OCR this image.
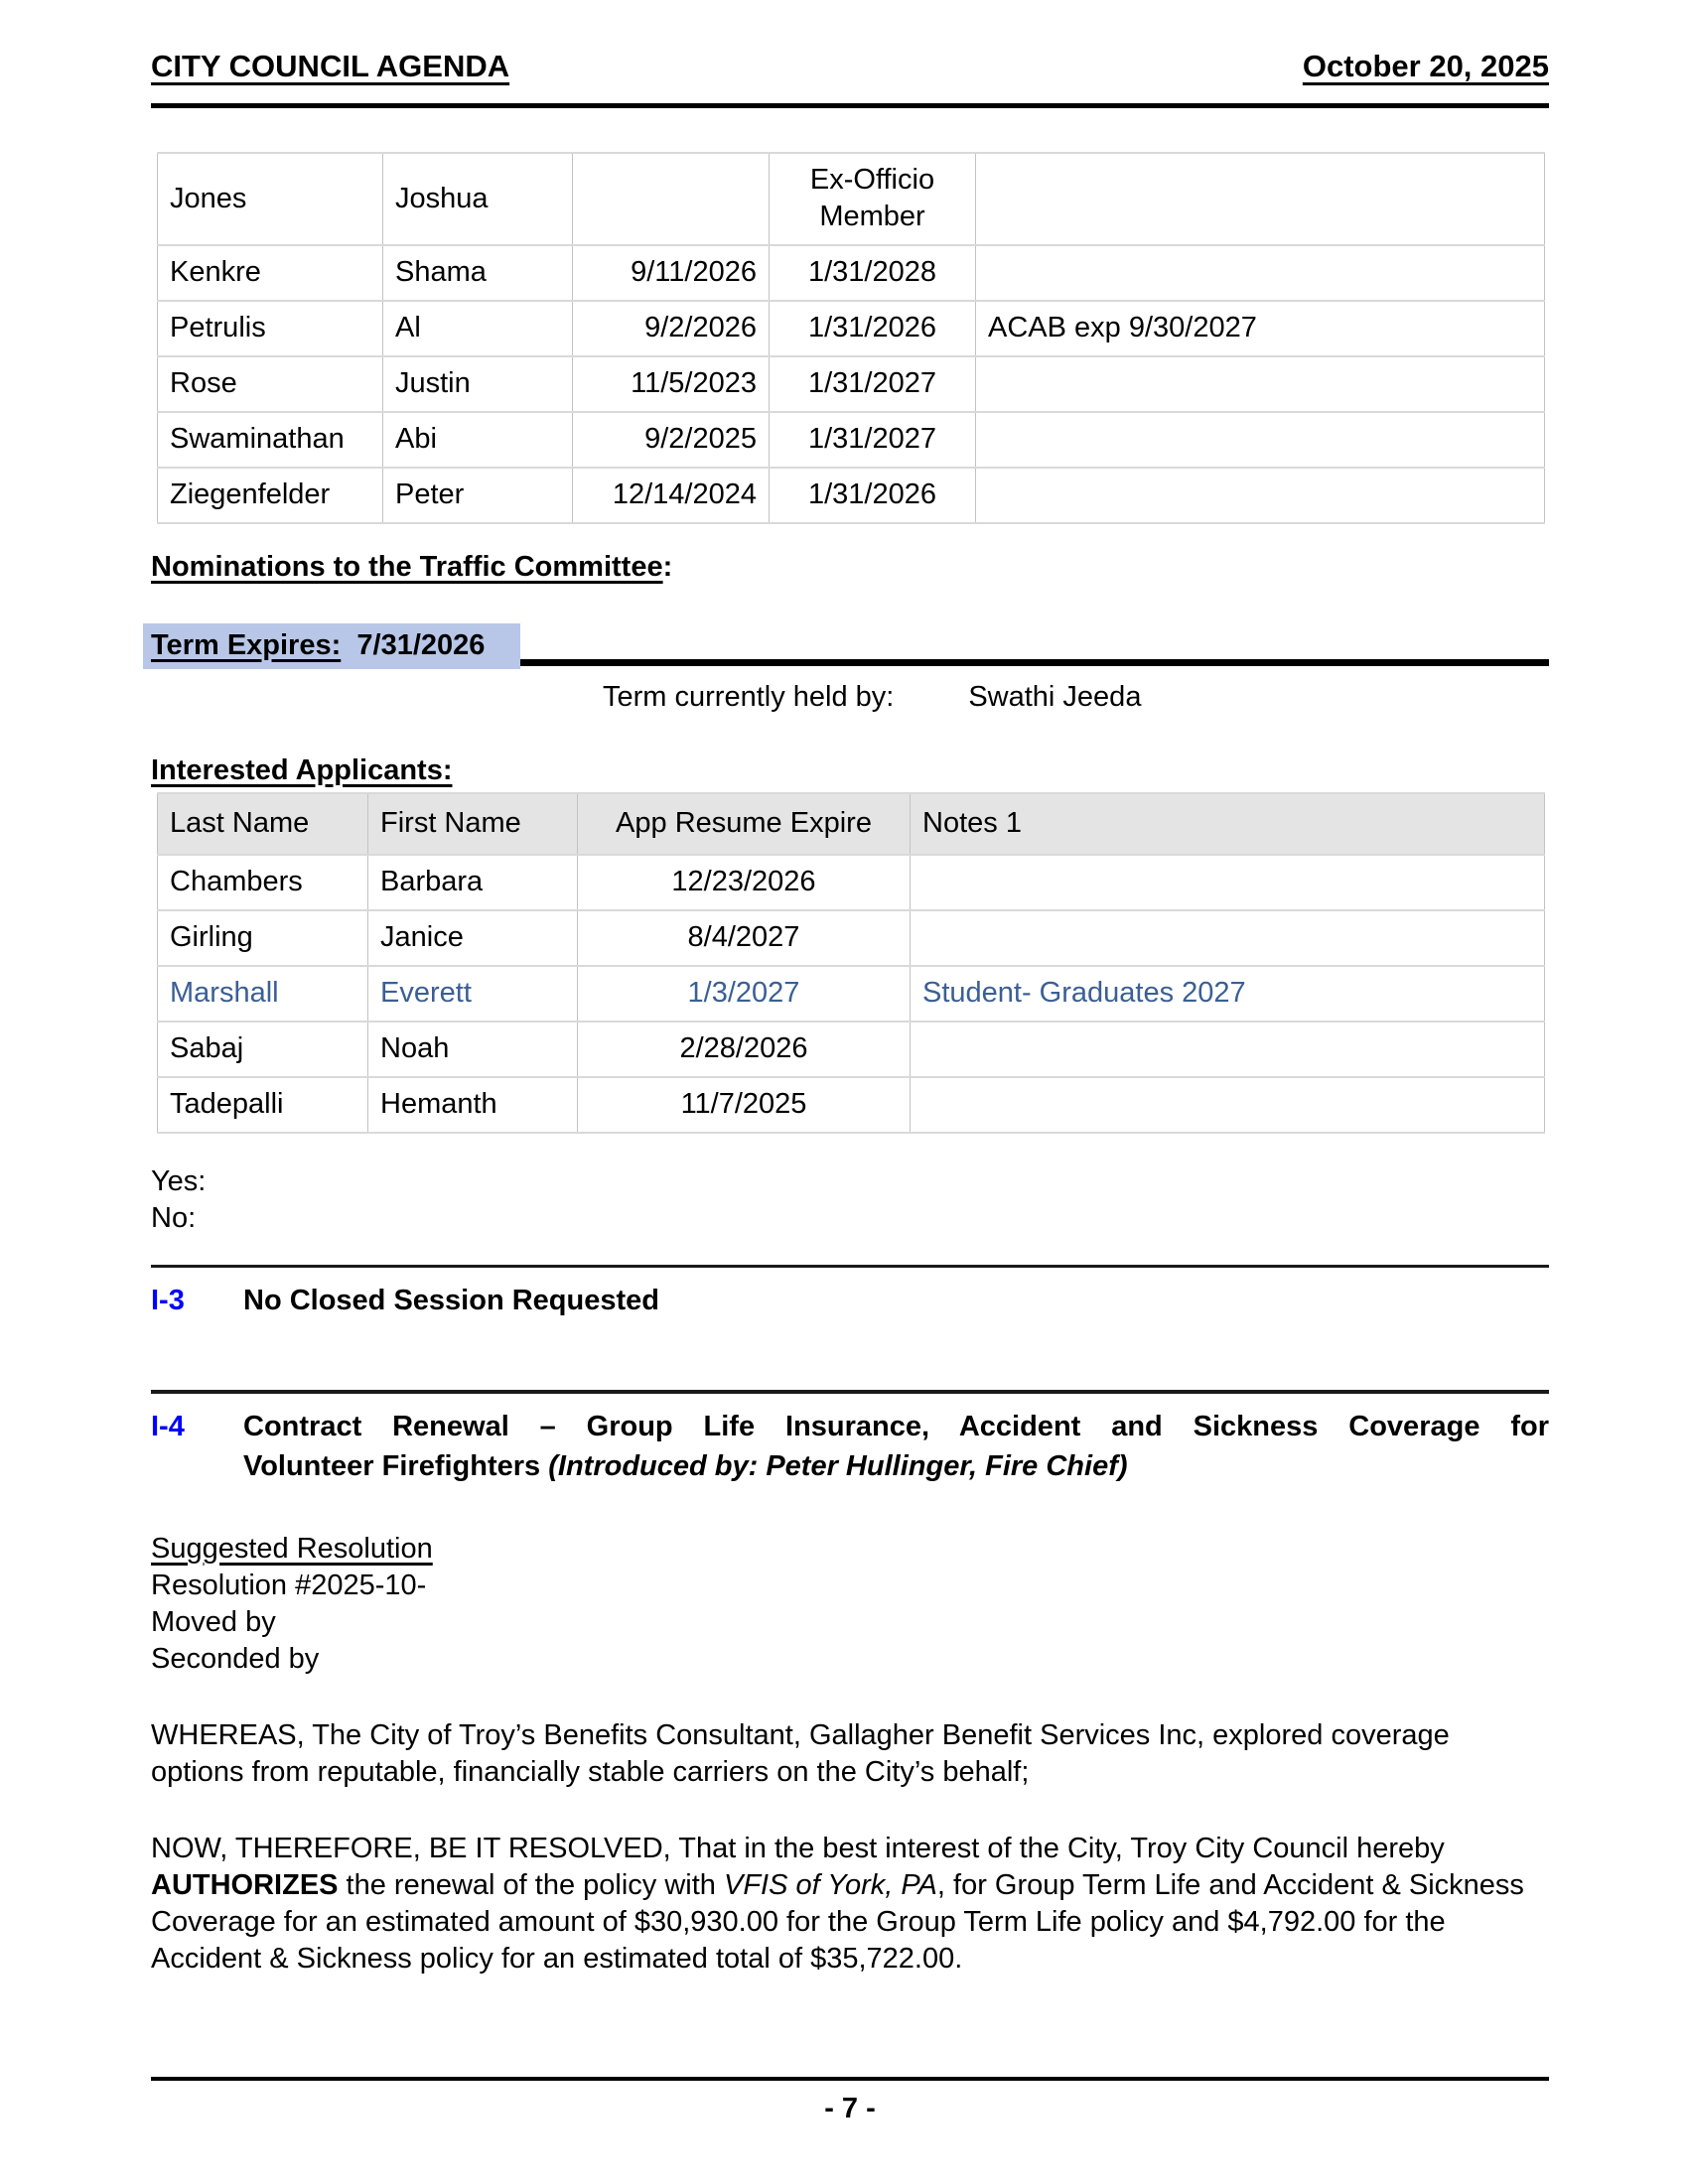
CITY COUNCIL AGENDA	October 20, 2025
Jones	Joshua		Ex-Officio Member	
Kenkre	Shama	9/11/2026	1/31/2028	
Petrulis	Al	9/2/2026	1/31/2026	ACAB exp 9/30/2027
Rose	Justin	11/5/2023	1/31/2027	
Swaminathan	Abi	9/2/2025	1/31/2027	
Ziegenfelder	Peter	12/14/2024	1/31/2026	
Nominations to the Traffic Committee:
Term Expires: 7/31/2026
Term currently held by:	Swathi Jeeda
Interested Applicants:
Last Name	First Name	App Resume Expire	Notes 1
Chambers	Barbara	12/23/2026	
Girling	Janice	8/4/2027	
Marshall	Everett	1/3/2027	Student- Graduates 2027
Sabaj	Noah	2/28/2026	
Tadepalli	Hemanth	11/7/2025	
Yes:
No:
I-3	No Closed Session Requested
I-4	Contract Renewal – Group Life Insurance, Accident and Sickness Coverage for
Volunteer Firefighters (Introduced by: Peter Hullinger, Fire Chief)
Suggested Resolution
Resolution #2025-10-
Moved by
Seconded by
WHEREAS, The City of Troy’s Benefits Consultant, Gallagher Benefit Services Inc, explored coverage options from reputable, financially stable carriers on the City’s behalf;
NOW, THEREFORE, BE IT RESOLVED, That in the best interest of the City, Troy City Council hereby AUTHORIZES the renewal of the policy with VFIS of York, PA, for Group Term Life and Accident & Sickness Coverage for an estimated amount of $30,930.00 for the Group Term Life policy and $4,792.00 for the Accident & Sickness policy for an estimated total of $35,722.00.
- 7 -
